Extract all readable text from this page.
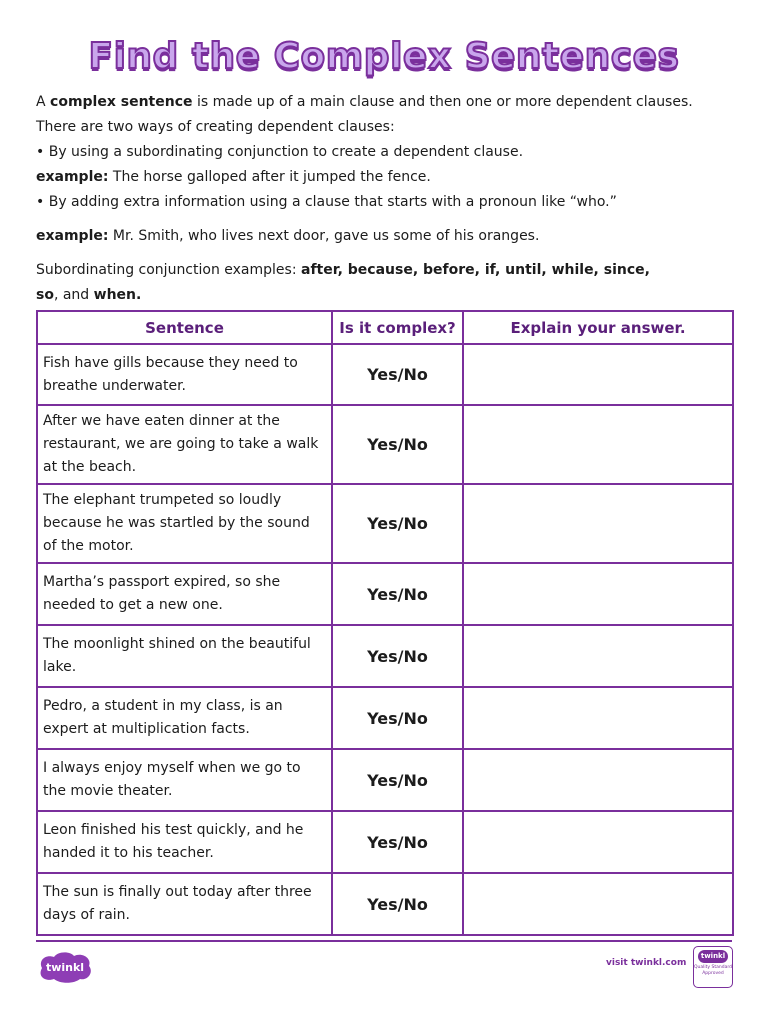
Find the Complex Sentences

A complex sentence is made up of a main clause and then one or more dependent clauses.

There are two ways of creating dependent clauses:

• By using a subordinating conjunction to create a dependent clause.

example: The horse galloped after it jumped the fence.

• By adding extra information using a clause that starts with a pronoun like “who.”

example: Mr. Smith, who lives next door, gave us some of his oranges.

Subordinating conjunction examples: after, because, before, if, until, while, since,
so, and when.

Sentence	Is it complex?	Explain your answer.
Fish have gills because they need to breathe underwater.	Yes/No	
After we have eaten dinner at the restaurant, we are going to take a walk at the beach.	Yes/No	
The elephant trumpeted so loudly because he was startled by the sound of the motor.	Yes/No	
Martha’s passport expired, so she needed to get a new one.	Yes/No	
The moonlight shined on the beautiful lake.	Yes/No	
Pedro, a student in my class, is an expert at multiplication facts.	Yes/No	
I always enjoy myself when we go to the movie theater.	Yes/No	
Leon finished his test quickly, and he handed it to his teacher.	Yes/No	
The sun is finally out today after three days of rain.	Yes/No	
twinkl	visit twinkl.com
twinkl
Quality Standard Approved
